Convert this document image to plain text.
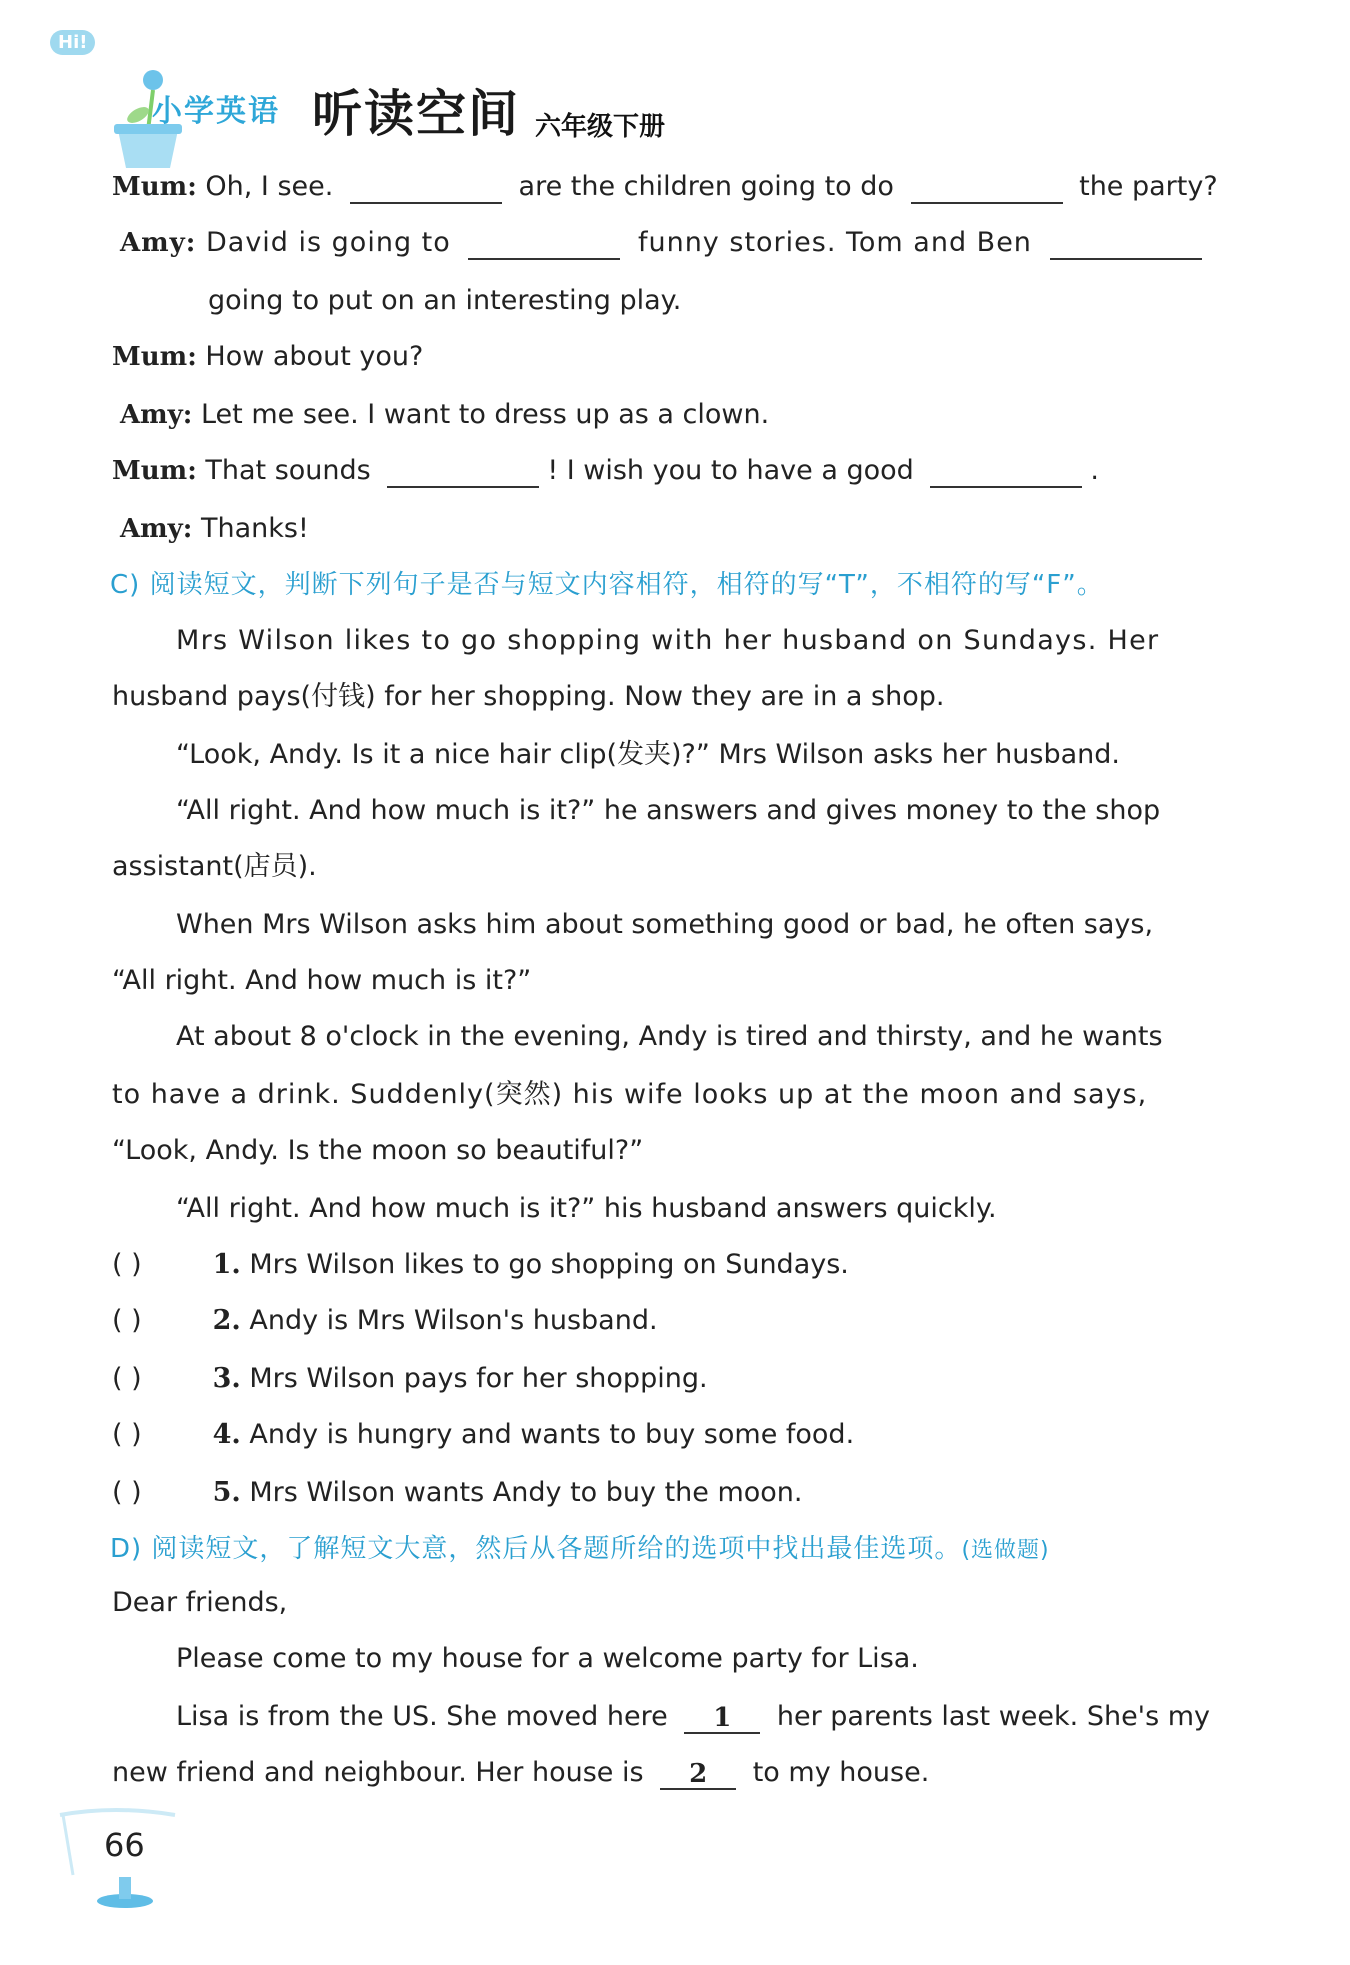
Hi!
小学英语 听读空间 六年级下册
Mum: Oh, I see.	are the children going to do	the party?
Amy: David is going to	funny stories. Tom and Ben
going to put on an interesting play.
Mum: How about you?
Amy: Let me see. I want to dress up as a clown.
Mum: That sounds	! I wish you to have a good	.
Amy: Thanks!
C) 阅读短文，判断下列句子是否与短文内容相符，相符的写“T”，不相符的写“F”。
Mrs Wilson likes to go shopping with her husband on Sundays. Her
husband pays(付钱) for her shopping. Now they are in a shop.
“Look, Andy. Is it a nice hair clip(发夹)?” Mrs Wilson asks her husband.
“All right. And how much is it?” he answers and gives money to the shop
assistant(店员).
When Mrs Wilson asks him about something good or bad, he often says,
“All right. And how much is it?”
At about 8 o'clock in the evening, Andy is tired and thirsty, and he wants
to have a drink. Suddenly(突然) his wife looks up at the moon and says,
“Look, Andy. Is the moon so beautiful?”
“All right. And how much is it?” his husband answers quickly.
( )	1. Mrs Wilson likes to go shopping on Sundays.
( )	2. Andy is Mrs Wilson's husband.
( )	3. Mrs Wilson pays for her shopping.
( )	4. Andy is hungry and wants to buy some food.
( )	5. Mrs Wilson wants Andy to buy the moon.
D) 阅读短文，了解短文大意，然后从各题所给的选项中找出最佳选项。(选做题)
Dear friends,
Please come to my house for a welcome party for Lisa.
Lisa is from the US. She moved here 1 her parents last week. She's my
new friend and neighbour. Her house is 2 to my house.
66
